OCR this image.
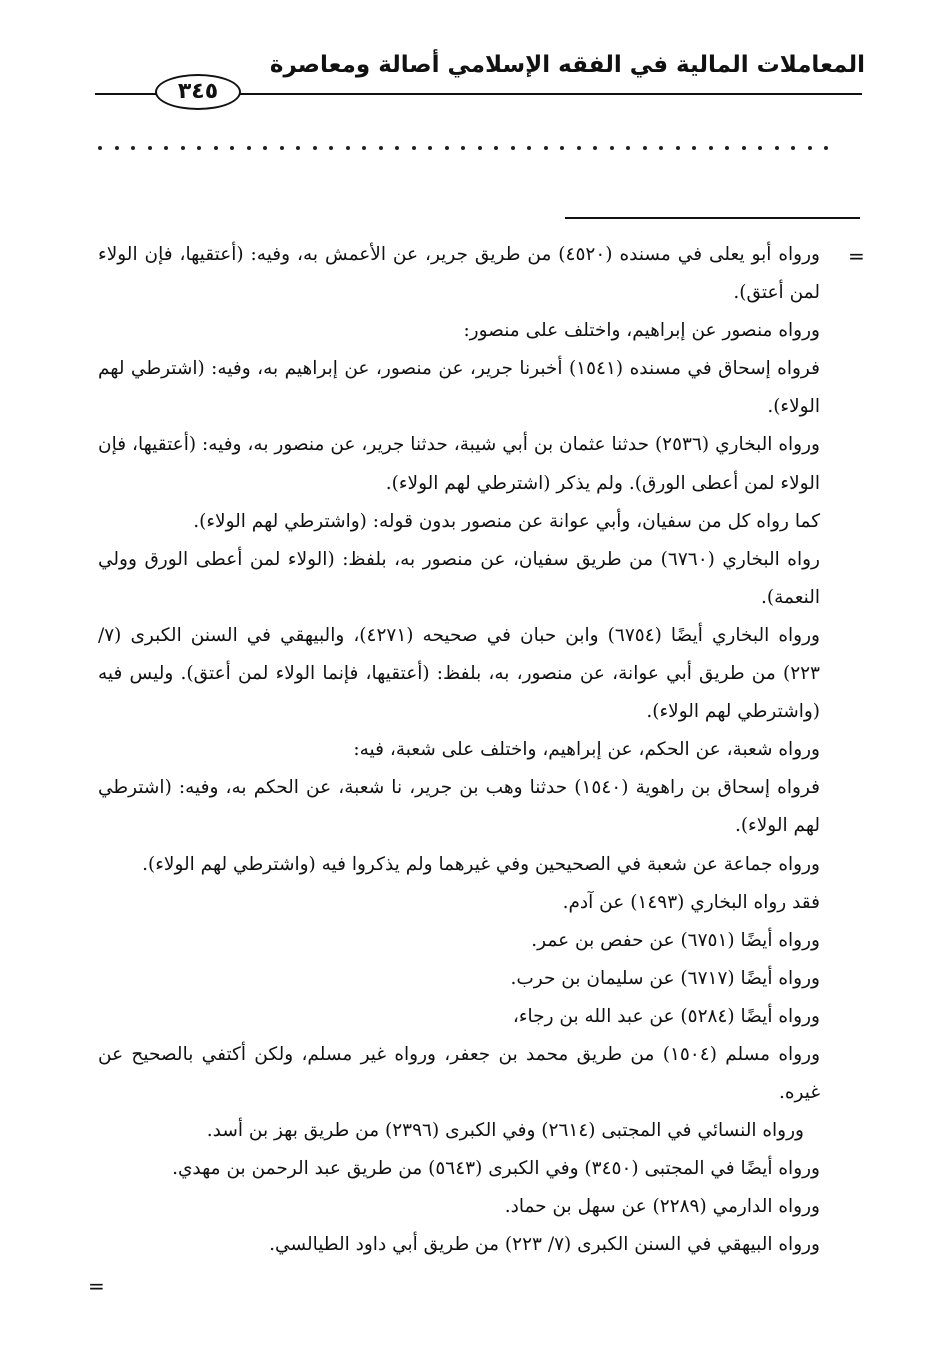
المعاملات المالية في الفقه الإسلامي أصالة ومعاصرة
٣٤٥
=

ورواه أبو يعلى في مسنده (٤٥٢٠) من طريق جرير، عن الأعمش به، وفيه: (أعتقيها، فإن الولاء لمن أعتق).

ورواه منصور عن إبراهيم، واختلف على منصور:

فرواه إسحاق في مسنده (١٥٤١) أخبرنا جرير، عن منصور، عن إبراهيم به، وفيه: (اشترطي لهم الولاء).

ورواه البخاري (٢٥٣٦) حدثنا عثمان بن أبي شيبة، حدثنا جرير، عن منصور به، وفيه: (أعتقيها، فإن الولاء لمن أعطى الورق). ولم يذكر (اشترطي لهم الولاء).

كما رواه كل من سفيان، وأبي عوانة عن منصور بدون قوله: (واشترطي لهم الولاء).

رواه البخاري (٦٧٦٠) من طريق سفيان، عن منصور به، بلفظ: (الولاء لمن أعطى الورق وولي النعمة).

ورواه البخاري أيضًا (٦٧٥٤) وابن حبان في صحيحه (٤٢٧١)، والبيهقي في السنن الكبرى (٧/ ٢٢٣) من طريق أبي عوانة، عن منصور، به، بلفظ: (أعتقيها، فإنما الولاء لمن أعتق). وليس فيه (واشترطي لهم الولاء).

ورواه شعبة، عن الحكم، عن إبراهيم، واختلف على شعبة، فيه:

فرواه إسحاق بن راهوية (١٥٤٠) حدثنا وهب بن جرير، نا شعبة، عن الحكم به، وفيه: (اشترطي لهم الولاء).

ورواه جماعة عن شعبة في الصحيحين وفي غيرهما ولم يذكروا فيه (واشترطي لهم الولاء).

فقد رواه البخاري (١٤٩٣) عن آدم.

ورواه أيضًا (٦٧٥١) عن حفص بن عمر.

ورواه أيضًا (٦٧١٧) عن سليمان بن حرب.

ورواه أيضًا (٥٢٨٤) عن عبد الله بن رجاء،

ورواه مسلم (١٥٠٤) من طريق محمد بن جعفر، ورواه غير مسلم، ولكن أكتفي بالصحيح عن غيره.

ورواه النسائي في المجتبى (٢٦١٤) وفي الكبرى (٢٣٩٦) من طريق بهز بن أسد.

ورواه أيضًا في المجتبى (٣٤٥٠) وفي الكبرى (٥٦٤٣) من طريق عبد الرحمن بن مهدي.

ورواه الدارمي (٢٢٨٩) عن سهل بن حماد.

ورواه البيهقي في السنن الكبرى (٧/ ٢٢٣) من طريق أبي داود الطيالسي.

=
